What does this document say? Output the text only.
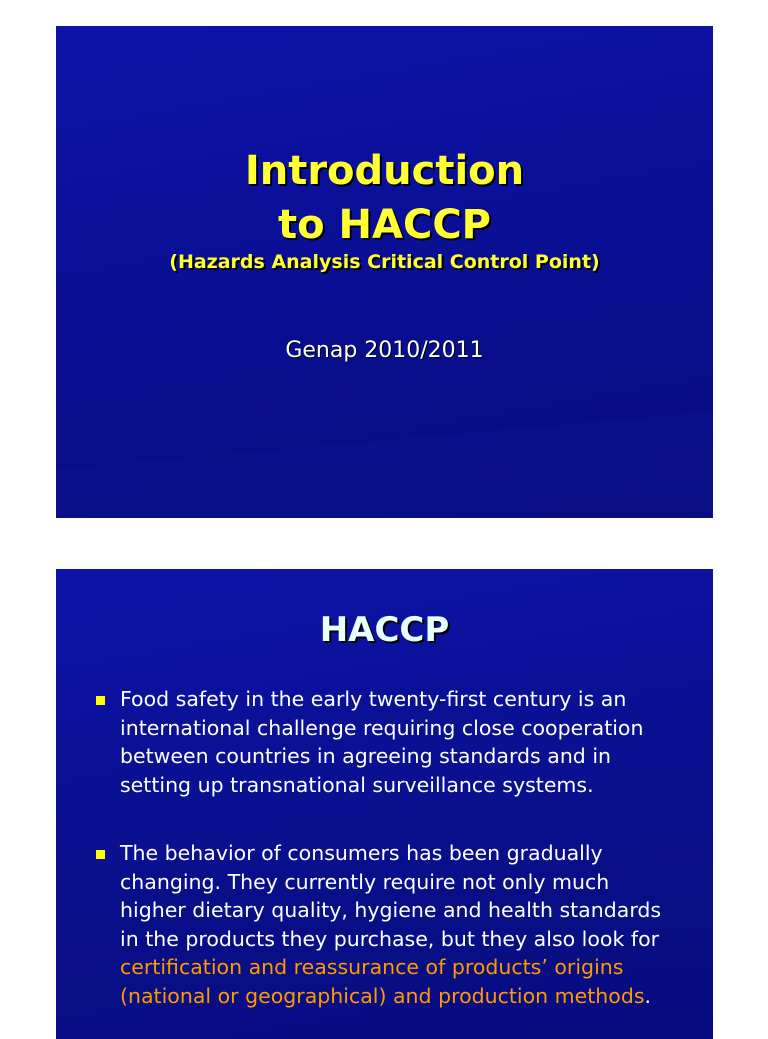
Introduction
to HACCP

(Hazards Analysis Critical Control Point)

Genap 2010/2011

HACCP
Food safety in the early twenty-first century is an international challenge requiring close cooperation between countries in agreeing standards and in setting up transnational surveillance systems.
The behavior of consumers has been gradually changing. They currently require not only much higher dietary quality, hygiene and health standards in the products they purchase, but they also look for certification and reassurance of products’ origins (national or geographical) and production methods.
